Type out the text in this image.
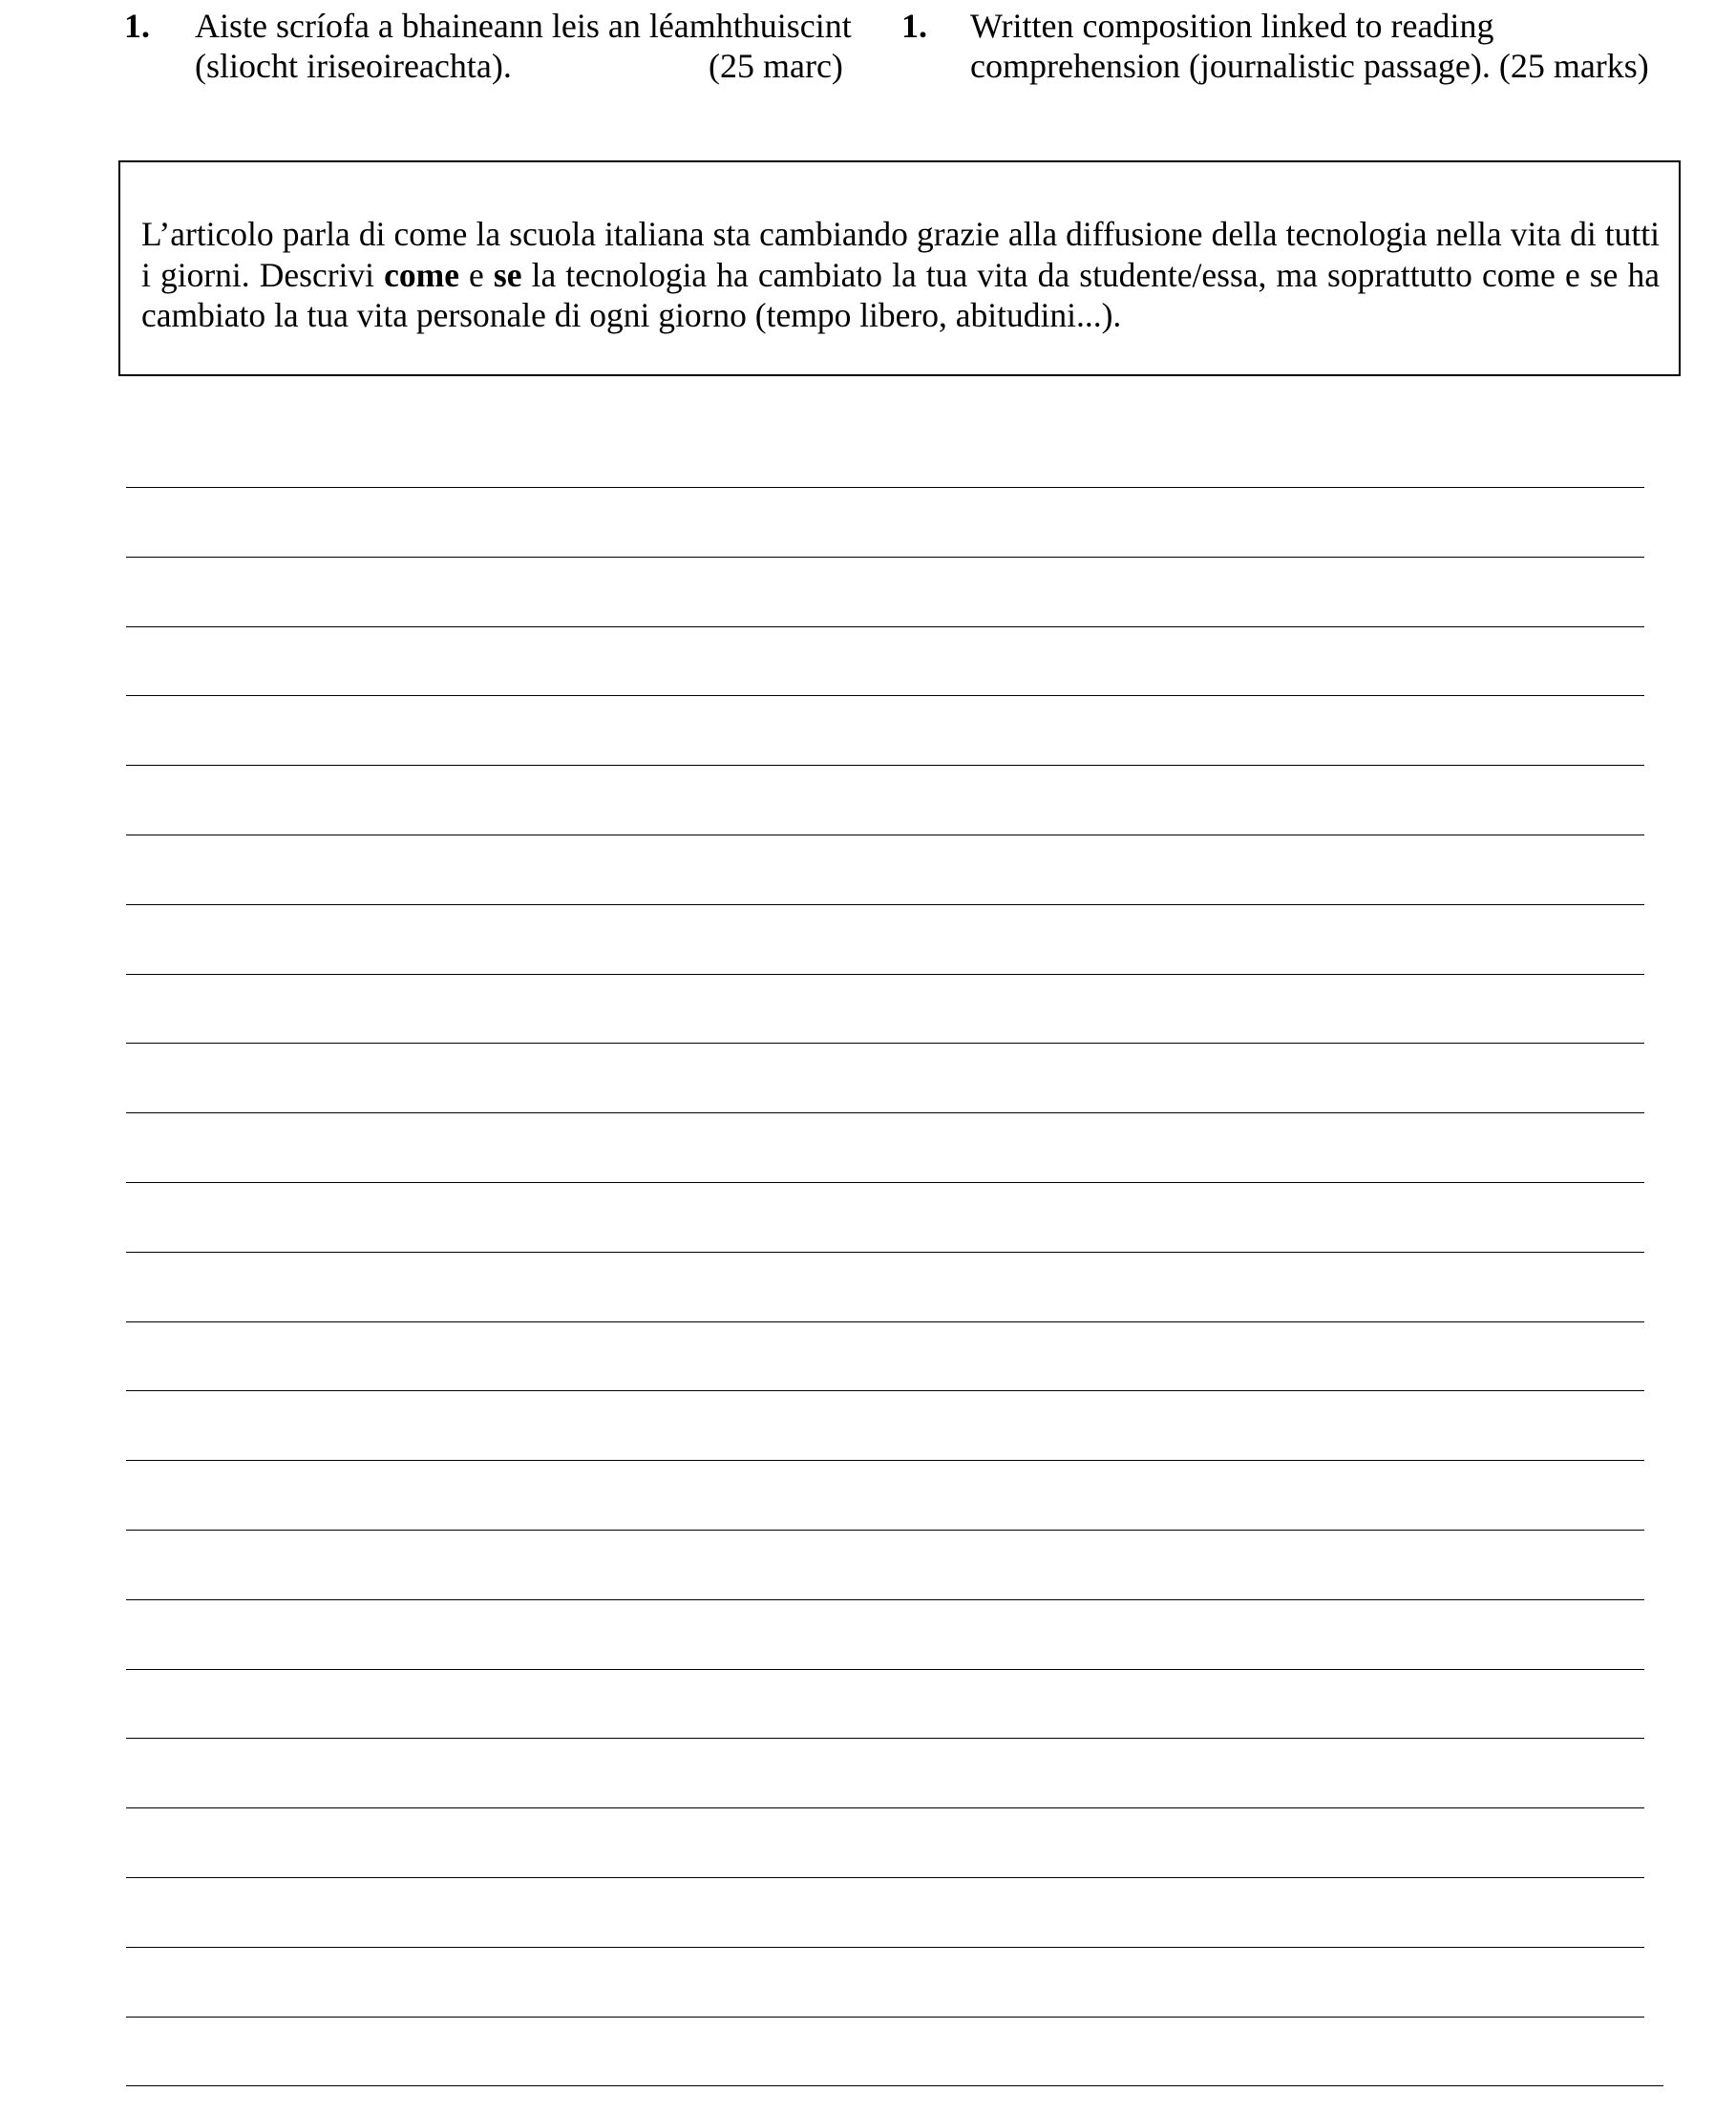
1. Aiste scríofa a bhaineann leis an léamhthuiscint
(sliocht iriseoireachta).	(25 marc)
1. Written composition linked to reading
comprehension (journalistic passage). (25 marks)
L’articolo parla di come la scuola italiana sta cambiando grazie alla diffusione della tecnologia nella vita di tutti i giorni. Descrivi come e se la tecnologia ha cambiato la tua vita da studente/essa, ma soprattutto come e se ha cambiato la tua vita personale di ogni giorno (tempo libero, abitudini...).
